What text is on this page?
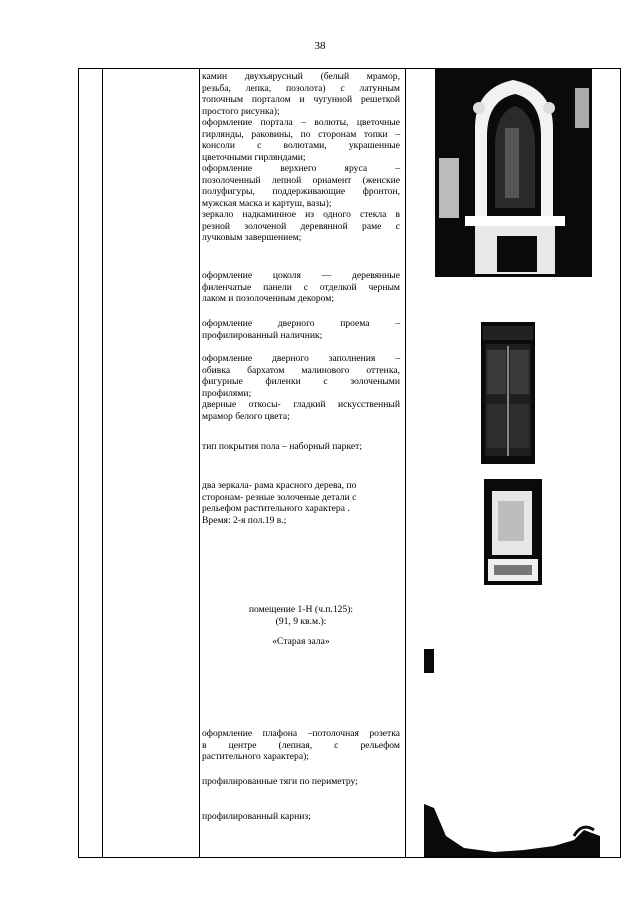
38

камин двухъярусный (белый мрамор,

резьба, лепка, позолота) с латунным

топочным порталом и чугунной решеткой

простого рисунка);

оформление портала – волюты, цветочные

гирлянды, раковины, по сторонам топки –

консоли с волютами, украшенные

цветочными гирляндами;

оформление верхнего яруса –

позолоченный лепной орнамент (женские

полуфигуры, поддерживающие фронтон,

мужская маска и картуш, вазы);

зеркало надкаминное из одного стекла в

резной золоченой деревянной раме с

лучковым завершением;

оформление цоколя — деревянные

филенчатые панели с отделкой черным

лаком и позолоченным декором;

оформление дверного проема –

профилированный наличник;

оформление дверного заполнения –

обивка бархатом малинового оттенка,

фигурные филенки с золочеными

профилями;

дверные откосы- гладкий искусственный

мрамор белого цвета;

тип покрытия пола – наборный паркет;

два зеркала- рама красного дерева, по

сторонам- резные золоченые детали с

рельефом растительного характера .

Время: 2-я пол.19 в.;

помещение 1-Н (ч.п.125):

(91, 9 кв.м.):

«Старая зала»

оформление плафона –потолочная розетка

в центре (лепная, с рельефом

растительного характера);

профилированные тяги по периметру;

профилированный карниз;
